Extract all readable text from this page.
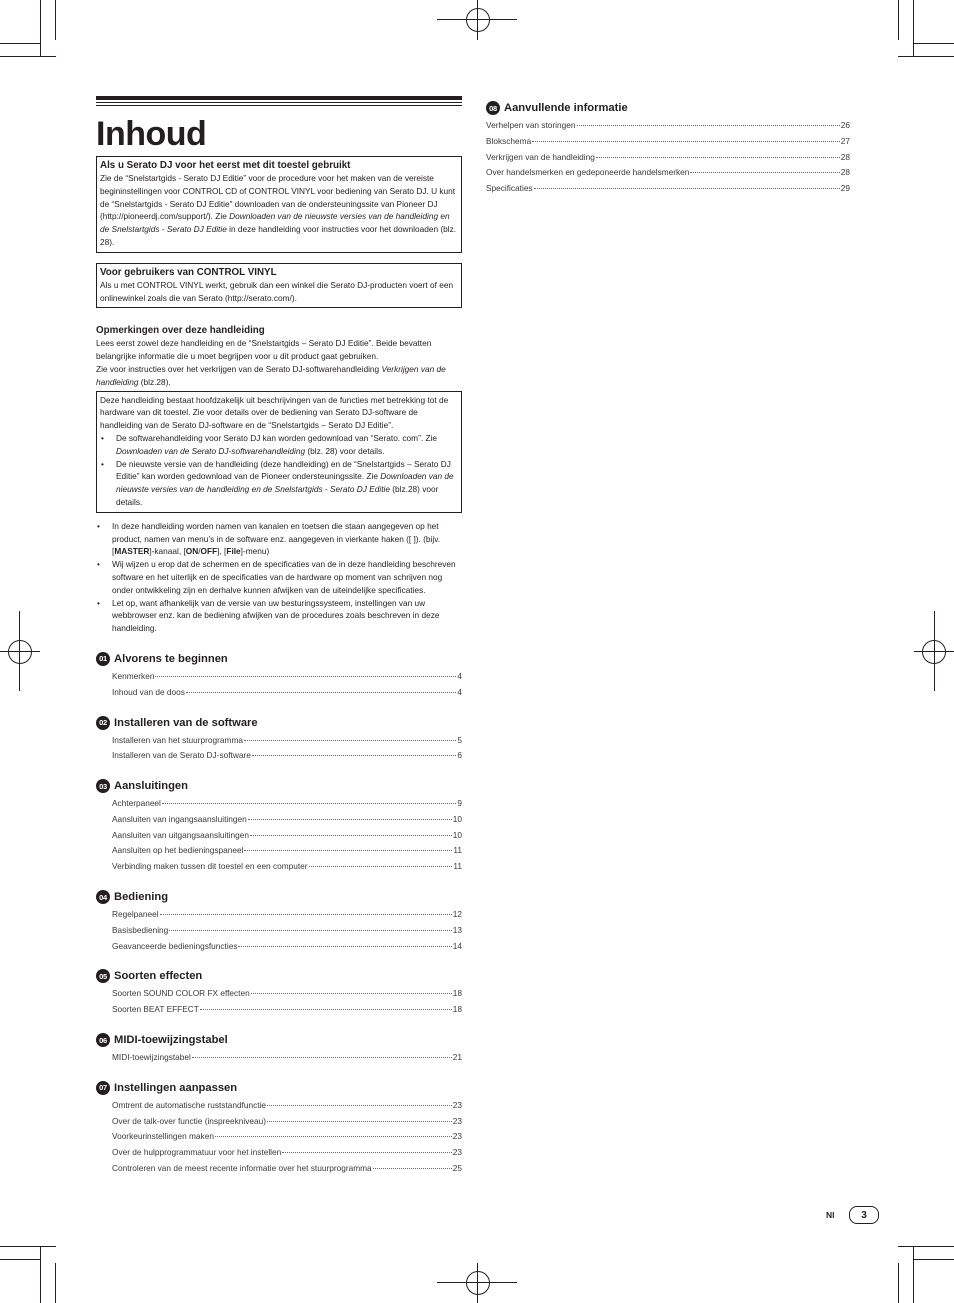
Inhoud
Als u Serato DJ voor het eerst met dit toestel gebruikt

Zie de “Snelstartgids - Serato DJ Editie” voor de procedure voor het maken van de vereiste begininstellingen voor CONTROL CD of CONTROL VINYL voor bediening van Serato DJ. U kunt de “Snelstartgids - Serato DJ Editie” downloaden van de ondersteuningssite van Pioneer DJ (http://pioneerdj.com/support/). Zie Downloaden van de nieuwste versies van de handleiding en de Snelstartgids - Serato DJ Editie in deze handleiding voor instructies voor het downloaden (blz. 28).

Voor gebruikers van CONTROL VINYL

Als u met CONTROL VINYL werkt, gebruik dan een winkel die Serato DJ-producten voert of een onlinewinkel zoals die van Serato (http://serato.com/).

Opmerkingen over deze handleiding

Lees eerst zowel deze handleiding en de “Snelstartgids – Serato DJ Editie”. Beide bevatten belangrijke informatie die u moet begrijpen voor u dit product gaat gebruiken.

Zie voor instructies over het verkrijgen van de Serato DJ-softwarehandleiding Verkrijgen van de handleiding (blz.28).

Deze handleiding bestaat hoofdzakelijk uit beschrijvingen van de functies met betrekking tot de hardware van dit toestel. Zie voor details over de bediening van Serato DJ-software de handleiding van de Serato DJ-software en de “Snelstartgids – Serato DJ Editie”.

• De softwarehandleiding voor Serato DJ kan worden gedownload van “Serato. com”. Zie Downloaden van de Serato DJ-softwarehandleiding (blz. 28) voor details.
• De nieuwste versie van de handleiding (deze handleiding) en de “Snelstartgids – Serato DJ Editie” kan worden gedownload van de Pioneer ondersteuningssite. Zie Downloaden van de nieuwste versies van de handleiding en de Snelstartgids - Serato DJ Editie (blz.28) voor details.
• In deze handleiding worden namen van kanalen en toetsen die staan aangegeven op het product, namen van menu’s in de software enz. aangegeven in vierkante haken ([ ]). (bijv. [MASTER]-kanaal, [ON/OFF], [File]-menu)
• Wij wijzen u erop dat de schermen en de specificaties van de in deze handleiding beschreven software en het uiterlijk en de specificaties van de hardware op moment van schrijven nog onder ontwikkeling zijn en derhalve kunnen afwijken van de uiteindelijke specificaties.
• Let op, want afhankelijk van de versie van uw besturingssysteem, instellingen van uw webbrowser enz. kan de bediening afwijken van de procedures zoals beschreven in deze handleiding.
01 Alvorens te beginnen
Kenmerken	4
Inhoud van de doos	4
02 Installeren van de software
Installeren van het stuurprogramma	5
Installeren van de Serato DJ-software	6
03 Aansluitingen
Achterpaneel	9
Aansluiten van ingangsaansluitingen	10
Aansluiten van uitgangsaansluitingen	10
Aansluiten op het bedieningspaneel	11
Verbinding maken tussen dit toestel en een computer	11
04 Bediening
Regelpaneel	12
Basisbediening	13
Geavanceerde bedieningsfuncties	14
05 Soorten effecten
Soorten SOUND COLOR FX effecten	18
Soorten BEAT EFFECT	18
06 MIDI-toewijzingstabel
MIDI-toewijzingstabel	21
07 Instellingen aanpassen
Omtrent de automatische ruststandfunctie	23
Over de talk-over functie (inspreekniveau)	23
Voorkeurinstellingen maken	23
Over de hulpprogrammatuur voor het instellen	23
Controleren van de meest recente informatie over het stuurprogramma	25
08 Aanvullende informatie
Verhelpen van storingen	26
Blokschema	27
Verkrijgen van de handleiding	28
Over handelsmerken en gedeponeerde handelsmerken	28
Specificaties	29
Nl	3
